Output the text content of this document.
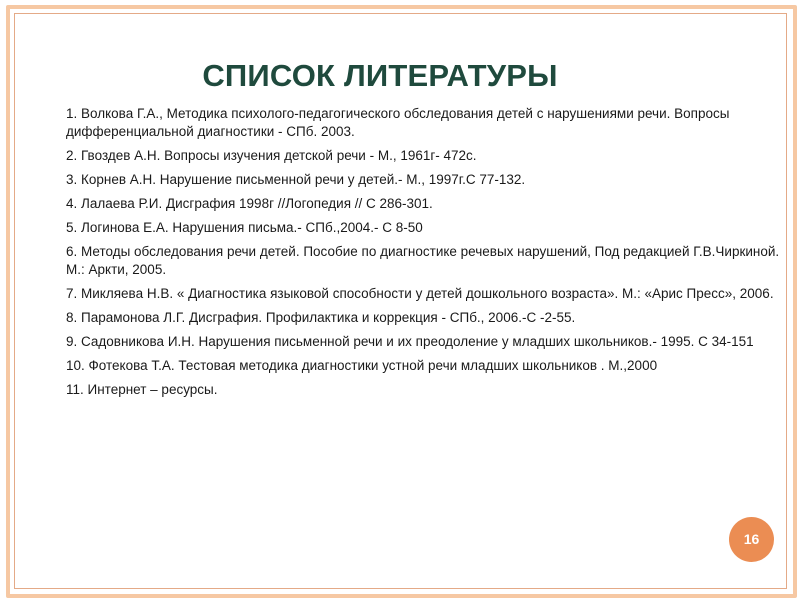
СПИСОК ЛИТЕРАТУРЫ
1. Волкова Г.А., Методика психолого-педагогического обследования детей с нарушениями речи. Вопросы дифференциальной диагностики - СПб. 2003.
2. Гвоздев А.Н. Вопросы изучения детской речи - М., 1961г- 472с.
3. Корнев А.Н. Нарушение письменной речи у детей.- М., 1997г.С 77-132.
4. Лалаева Р.И. Дисграфия 1998г //Логопедия // С 286-301.
5. Логинова Е.А. Нарушения письма.- СПб.,2004.- С 8-50
6. Методы обследования речи детей. Пособие по диагностике речевых нарушений, Под редакцией Г.В.Чиркиной. М.: Аркти, 2005.
7. Микляева Н.В. « Диагностика языковой способности у детей дошкольного возраста». М.: «Арис Пресс», 2006.
8. Парамонова Л.Г. Дисграфия. Профилактика и коррекция - СПб., 2006.-С -2-55.
9. Садовникова И.Н. Нарушения письменной речи и их преодоление у младших школьников.- 1995. С 34-151
10. Фотекова Т.А. Тестовая методика диагностики устной речи младших школьников . М.,2000
11. Интернет – ресурсы.
16
